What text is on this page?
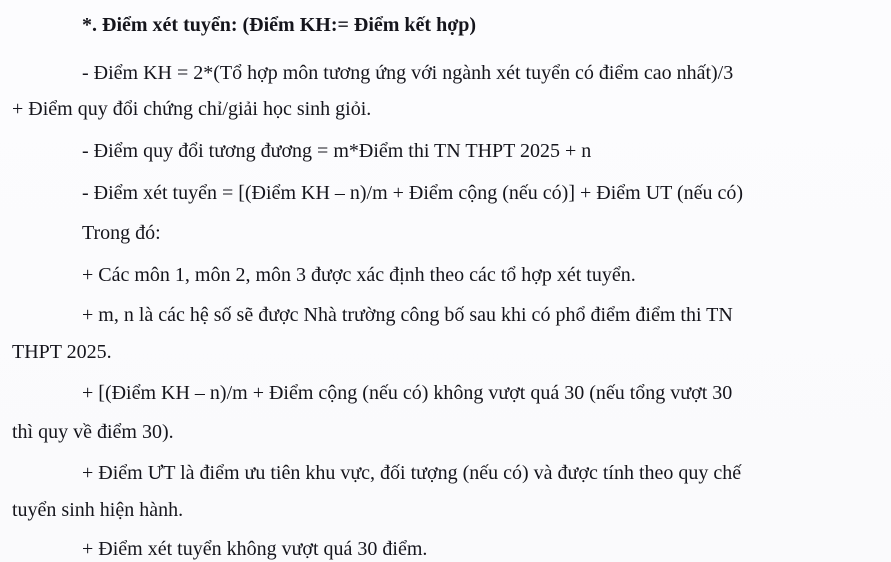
*. Điểm xét tuyển: (Điểm KH:= Điểm kết hợp)
- Điểm KH = 2*(Tổ hợp môn tương ứng với ngành xét tuyển có điểm cao nhất)/3
+ Điểm quy đổi chứng chỉ/giải học sinh giỏi.
- Điểm quy đổi tương đương = m*Điểm thi TN THPT 2025 + n
- Điểm xét tuyển = [(Điểm KH – n)/m + Điểm cộng (nếu có)] + Điểm UT (nếu có)
Trong đó:
+ Các môn 1, môn 2, môn 3 được xác định theo các tổ hợp xét tuyển.
+ m, n là các hệ số sẽ được Nhà trường công bố sau khi có phổ điểm điểm thi TN
THPT 2025.
+ [(Điểm KH – n)/m + Điểm cộng (nếu có) không vượt quá 30 (nếu tổng vượt 30
thì quy về điểm 30).
+ Điểm ƯT là điểm ưu tiên khu vực, đối tượng (nếu có) và được tính theo quy chế
tuyển sinh hiện hành.
+ Điểm xét tuyển không vượt quá 30 điểm.
